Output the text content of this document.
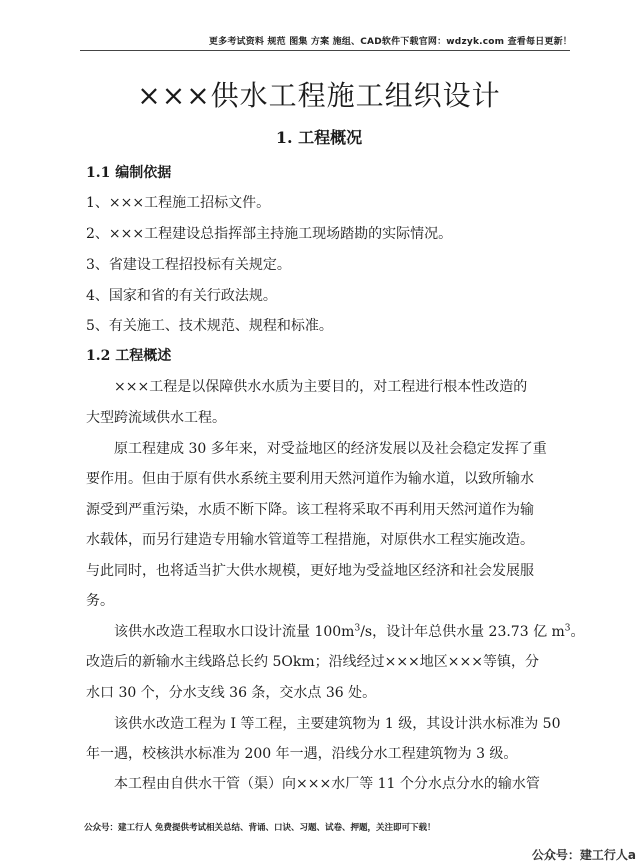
更多考试资料 规范 图集 方案 施组、CAD软件下载官网：wdzyk.com 查看每日更新！
×××供水工程施工组织设计
1. 工程概况
1.1 编制依据
1、×××工程施工招标文件。
2、×××工程建设总指挥部主持施工现场踏勘的实际情况。
3、省建设工程招投标有关规定。
4、国家和省的有关行政法规。
5、有关施工、技术规范、规程和标准。
1.2 工程概述
×××工程是以保障供水水质为主要目的，对工程进行根本性改造的
大型跨流域供水工程。
原工程建成 30 多年来，对受益地区的经济发展以及社会稳定发挥了重
要作用。但由于原有供水系统主要利用天然河道作为输水道，以致所输水
源受到严重污染，水质不断下降。该工程将采取不再利用天然河道作为输
水载体，而另行建造专用输水管道等工程措施，对原供水工程实施改造。
与此同时，也将适当扩大供水规模，更好地为受益地区经济和社会发展服
务。
该供水改造工程取水口设计流量 $100m^3/s$，设计年总供水量 23.73 亿 $m^3$。
改造后的新输水主线路总长约 5Okm；沿线经过×××地区×××等镇，分
水口 30 个，分水支线 36 条，交水点 36 处。
该供水改造工程为 I 等工程，主要建筑物为 1 级，其设计洪水标准为 50
年一遇，校核洪水标准为 200 年一遇，沿线分水工程建筑物为 3 级。
本工程由自供水干管（渠）向×××水厂等 11 个分水点分水的输水管
公众号：建工行人 免费提供考试相关总结、背诵、口诀、习题、试卷、押题，关注即可下载！
公众号：建工行人a
